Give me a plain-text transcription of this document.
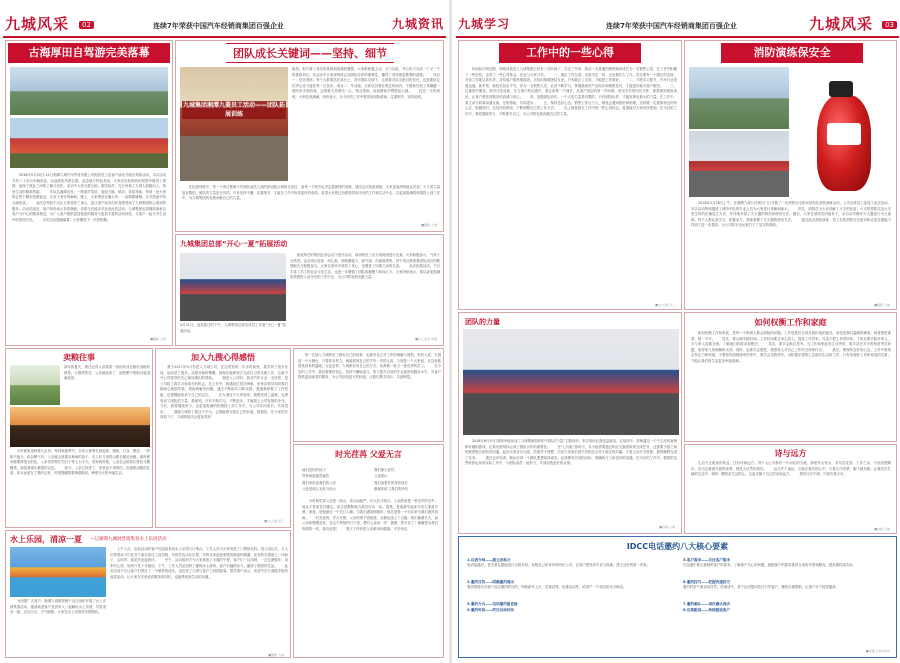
九城风采	02	连续7年荣获中国汽车经销商集团百强企业	九城资讯
古海厚田自驾游完美落幕
　　2018年5月20日-21日湘潭九城汽车贸易有限公司组织员工及客户朋友开展自驾游活动，本次活动共有二十余台车辆参加，沿途游览风景名胜，品尝地方特色美食，大家在轻松愉快的氛围中增进了感情，加深了彼此之间的了解与信任。活动中大家互帮互助，团结协作，充分体现了九城人积极向上、热爱生活的精神风貌。　　车队从湘潭出发，一路欢声笑语，途经古镇、峡谷、草原等地，每到一处大家都会停下脚步拍照留念，记录下美好的瞬间。晚上，大家围坐在篝火旁，一起唱歌跳舞，分享旅途中的点滴收获。　　此次自驾游不仅让大家放松了身心，更让客户朋友们切身感受到了九城集团贴心周到的服务。活动结束后，客户纷纷表示非常满意，希望今后能多多参加此类活动。九城集团也将继续秉承以客户为中心的服务理念，为广大客户提供更加优质的服务与更加丰富的活动体验，与客户一起分享生活中的美好时光。　　本次活动圆满落幕，大家期待下一次的相聚。
■摄影 九城
团队成长关键词——坚持、细节
九城集团湘潭九菱员工活动——团队拓展训练
挑战，但只要了成功的喜悦和挑战的激情，大家都积极主动，全力以赴，齐心协力完成一个又一个的挑战项目。在活动中大家深刻体会到团队协作的重要性，懂得了坚持就是胜利的道理。　　项目一：信任背摔。每个人都要站在高台上，背对着队友倒下，这需要对队友绝对的信任，也需要队友们齐心协力接住每一位伙伴。项目二：毕业墙。全体队员要在规定时间内，不借助任何工具翻越一面四米多高的墙，这需要大家团结一心，相互帮助，用肩膀和手臂搭起人梯。　　经过一天的训练，大家收获满满，纷纷表示，在今后的工作中要发扬团队精神，注重细节，坚持到底。
　　在拓展训练中，每一个项目都离不开团队成员之间的密切配合和相互信任，而每一个细节也决定着最终的成败。通过这次拓展训练，大家更加深刻地认识到：个人的力量是有限的，团队的力量是无穷的。只有坚持不懈，注重细节，才能在工作中取得更好的成绩。希望大家把这份感悟带到今后的工作和生活中去，以更加饱满的热情投入到工作中，为九城集团的发展贡献自己的力量。
■摄影 九城
九城集团总部“开心一夏”拓展活动
5月31日，炎炎夏日的下午，九城集团总部全体员工开展“开心一夏”拓展活动。
　　拓展所在的集团总部会议厅展开活动，到场的员工们分成两组进行比赛，大家积极参与，气氛十分热烈。活动项目包括：同心鼓、呼啦圈接力、踩气球、你画我猜等。每个项目都需要团队成员的默契配合与积极参与，大家在游戏中放松了身心，也增进了同事之间的友谊。　　此次拓展活动，不仅丰富了员工的业余文化生活，也进一步增强了团队的凝聚力和向心力，大家纷纷表示，要以更加饱满的热情投入到今后的工作中去，为公司的发展贡献力量。
■员工活动 供稿
卖粮往事
那年的夏天，我还记得父亲挑着一担担稻谷去粮站卖粮的情景。天刚蒙蒙亮，父亲就起床了，他把晒干的稻谷装进麻袋里。
　　小时候家里种着几亩田，每到收割季节，全家人都要忙碌起来，割稻、打谷、晒谷，一样都不能少。稻谷晒干后，父亲就会挑着沉甸甸的担子，走上好几里的山路去粮站卖粮。那时候卖粮要排很长的队，父亲常常要在烈日下等上大半天。回家的时候，父亲总会给我们带回几颗糖果，那是我童年最甜的记忆。　　如今，父亲已经老了，家里也不再种田，但那段卖粮的往事，却永远留在了我的心里，时刻提醒我要珍惜粮食，珍惜今天的幸福生活。
加入九搜心得感悟
　　我于2017年5月份进入九城公司，在这短短的一年多时间里，我学到了很多东西，也收获了很多。从刚开始的懵懂，到现在能够独立完成自己的本职工作，这离不开公司领导的关心和同事们的帮助。　　刚进入公司时，我对汽车行业一无所知，是公司给了我学习和成长的机会。在工作中，我遇到过很多困难，但每次领导和同事们都耐心地指导我，帮助我解决问题。通过不断地学习和实践，我逐渐掌握了工作技能，也慢慢地找到了自己的定位。　　在九城这个大家庭里，我感受到了温暖，也感受到了团队的力量。我深知，只有不断学习，不断进步，才能跟上公司发展的步伐。今后，我将继续努力，以更加饱满的热情投入到工作中，与公司共同成长，共同进步。　　感谢九城给了我这个平台，让我能够实现自己的价值。我相信，在大家的共同努力下，九城的明天会更加美好！
■文/九城 员工
　　每一位加入九城的员工都有自己的故事，也都有自己对工作的理解与感悟。有的人说，九城是一个大舞台，只要你肯努力，就能展现自己的才华；有的人说，九城是一个大家庭，在这里能感受到家的温暖。无论怎样，九城都在用自己的方式，培养着一批又一批优秀的员工。　　在今后的工作中，我们要保持初心，坚持不懈地奋斗，努力提升自身的专业素质和服务水平，为客户提供更加优质的服务，为公司创造更大的价值，让我们携手同行，共创辉煌。
水上乐园，清凉一夏 —记湘潭九城展营销集客水上乐园活动
　　为回馈广大客户，湘潭九城展营销于近日组织开展了水上乐园集客活动，邀请新老客户及其家人一起畅玩水上乐园，共度清凉一夏。活动当天，天气晴朗，大家在水上乐园里尽情嬉戏。
　　上午九点，参加活动的客户们陆续来到水上乐园门口集合，工作人员为大家发放了门票和饮料。进入园区后，大人们带着孩子们在各个游乐项目之间穿梭，有的在浅水区玩耍，有的在冲浪池里感受海浪的刺激，还有的在滑道上一冲而下，尖叫声、欢笑声此起彼伏。　　中午，活动组织方为大家准备了丰盛的午餐，客户们一边用餐，一边交流购车、用车的心得，现场气氛十分融洽。下午，工作人员还组织了趣味水上游戏，客户们踊跃参与，赢得了精美的礼品。　　此次活动不仅让客户们度过了一个愉快的周末，也拉近了九城与客户之间的距离。很多客户表示，希望今后九城能多组织此类活动，让大家在享受优质服务的同时，也能感受到生活的乐趣。
■摄影 九城
时光荏苒 父爱无言
他们是你的孩子
每每雨夜滴答滴答
我们来说说我们的父亲
父爱是那么无私与伟大
我们那么爱你
父爱如山
我们追着你的身影成长
谢谢你给了我们的所有
　　小时候觉得父亲是一座山，高大而威严，长大后才明白，父亲的爱是一种无声的守护。他从不把爱挂在嘴边，却总是默默地为我们付出一切。清晨，是他最早起床为家人准备早餐；深夜，是他最后一个关灯入睡。当我们遇到困难时，他总是第一个站出来为我们遮风挡雨。　　时光荏苒，岁月无情，父亲的背不再挺拔，双鬓也染上了白霜。我们渐渐长大，而父亲却慢慢变老。在这个特别的日子里，想对父亲说一声：爸爸，您辛苦了！谢谢您为我们所做的一切，我们爱您！　　愿天下所有的父亲都身体健康，平安快乐。
九城学习	连续7年荣获中国汽车经销商集团百强企业	九城风采	03
工作中的一些心得
　　时间如白驹过隙，转眼间我进入九城集团已经有三年时间了，在这三年里，我从一名普通的销售顾问成长为一名销售主管，在工作中积累了一些经验，也有了一些心得体会，在此与大家分享。　　一、端正工作态度。态度决定一切，无论做什么工作，首先要有一个端正的态度。对待工作要认真负责，对待客户要热情周到，对待同事要团结友爱。只有端正了态度，才能把工作做好。　　二、不断学习提升。汽车行业发展迅速，新车型、新技术层出不穷，作为一名销售人员，必须不断学习，掌握最新的产品知识和销售技巧，才能更好地为客户服务。　　三、注重细节服务。细节决定成败，在与客户的沟通中，要注意每一个细节，从客户进店的第一声问候，到交车后的回访关怀，都要做到细致周到，让客户感受到我们的真诚与用心。　　四、加强团队协作。一个人的力量是有限的，只有团结协作，才能发挥出最大的力量。在工作中，要主动与同事沟通交流，互相帮助，共同进步。　　五、保持良好心态。销售工作压力大，难免会遇到挫折和困难，这时候一定要保持良好的心态，积极面对，总结经验教训，不断调整自己的工作方法。　　以上就是我在工作中的一些心得体会，希望能对大家有所帮助。在今后的工作中，我将继续努力，不断提升自己，为公司的发展贡献自己的力量。
■文/九城 员工
消防演练保安全
　　2018年5月28日上午，在湘潭九城公司展厅门口开展了一次消防安全知识培训及消防演练活动，公司全体员工参加了此次活动。本次活动特别邀请了消防中队的专业人员为大家进行讲解和演示。　　首先，消防员为大家讲解了火灾的危害、火灾的预防以及火灾发生时的正确逃生方法，并详细介绍了灭火器的种类和使用方法。随后，大家在消防员的指导下，亲自动手操作灭火器进行灭火演练。每个人都认真学习，积极参与，熟练掌握了灭火器的使用方法。　　通过此次消防演练，员工们的消防安全意识和应急处置能力得到了进一步提高，为公司的安全运营打下了坚实的基础。
■摄影 九城
团队的力量
　　2018年6月10日我荣幸地参加了九城集团组织的“团队的力量”主题培训，本次培训让我受益匪浅。在培训中，讲师通过一个个生动的案例和有趣的游戏，让我们深刻体会到了团队合作的重要性。　　在“七巧板”游戏中，各小组需要通过相互交换资源来完成任务，这需要小组之间的紧密配合和有效沟通。起初大家各自为战，效果并不理想，后来大家意识到只有相互合作才能实现共赢，于是主动分享资源，最终顺利完成了任务。　　通过这次培训，我认识到一个团队要想取得成功，必须要有共同的目标、明确的分工和良好的沟通。在今后的工作中，我将把这些收获运用到实际工作中，与团队成员一起努力，共同创造更好的业绩。
■供稿 九城
如何权衡工作和家庭
　　如何权衡工作和家庭，是每一个职场人都会面临的问题。工作是我们实现自我价值的途径，家庭是我们温暖的港湾，两者都很重要，缺一不可。　　首先，要合理安排时间。工作时间要全身心投入，提高工作效率，尽量不把工作带回家；下班后要多陪伴家人，多与家人沟通交流，了解他们的需求和想法。　　其次，要学会换位思考。当工作和家庭发生冲突时，要多站在对方的角度考虑问题，取得家人的理解和支持。同时，也要学会感恩，感恩家人对自己工作的支持和付出。　　最后，要保持良好的心态。工作中难免会有压力和烦恼，不要把负面情绪带回家中，要学会自我调节，以积极乐观的心态面对生活和工作。只有处理好工作和家庭的关系，才能让我们的生活更加幸福美满。
诗与远方
　　生活不止眼前的苟且，还有诗和远方。每个人心中都有一片向往的天地，那里有山有水，有鸟语花香。工作之余，不妨放慢脚步，走出去看看外面的世界，感受大自然的美好。　　远方并不遥远，它就在我们的心中，只要心中有梦，脚下就有路。让我们在忙碌的生活中，保持一颗热爱生活的心，去追寻属于自己的诗和远方。　　愿你历尽千帆，归来仍是少年。
■供稿 九城
IDCC电话邀约八大核心要素
1.自我介绍——建立亲和力
电话接通后，首先要礼貌地进行自我介绍，说明自己的身份和所在公司，让客户感受到专业与真诚，建立良好的第一印象。
2.邀约目的——明确邀约理由
要清楚地告诉客户此次邀约的目的，例如新车上市、试乘试驾、优惠活动等，给客户一个到店的充分理由。
3.邀约方式——电话邀约最直接
4.邀约时间——约定具体时间
5.客户需求——关注客户需求
在沟通中要注意倾听客户的需求，了解客户关心的问题，根据客户的需求推荐合适的车型和服务，提高邀约成功率。
6.邀约技巧——把握沟通技巧
邀约时语气要亲切自然，语速适中，善于运用提问技巧引导客户，避免生硬推销，让客户乐于接受邀请。
7.邀约确认——再次确认到店
8.后续跟进——持续跟进客户
■供稿 九城 IDCC
